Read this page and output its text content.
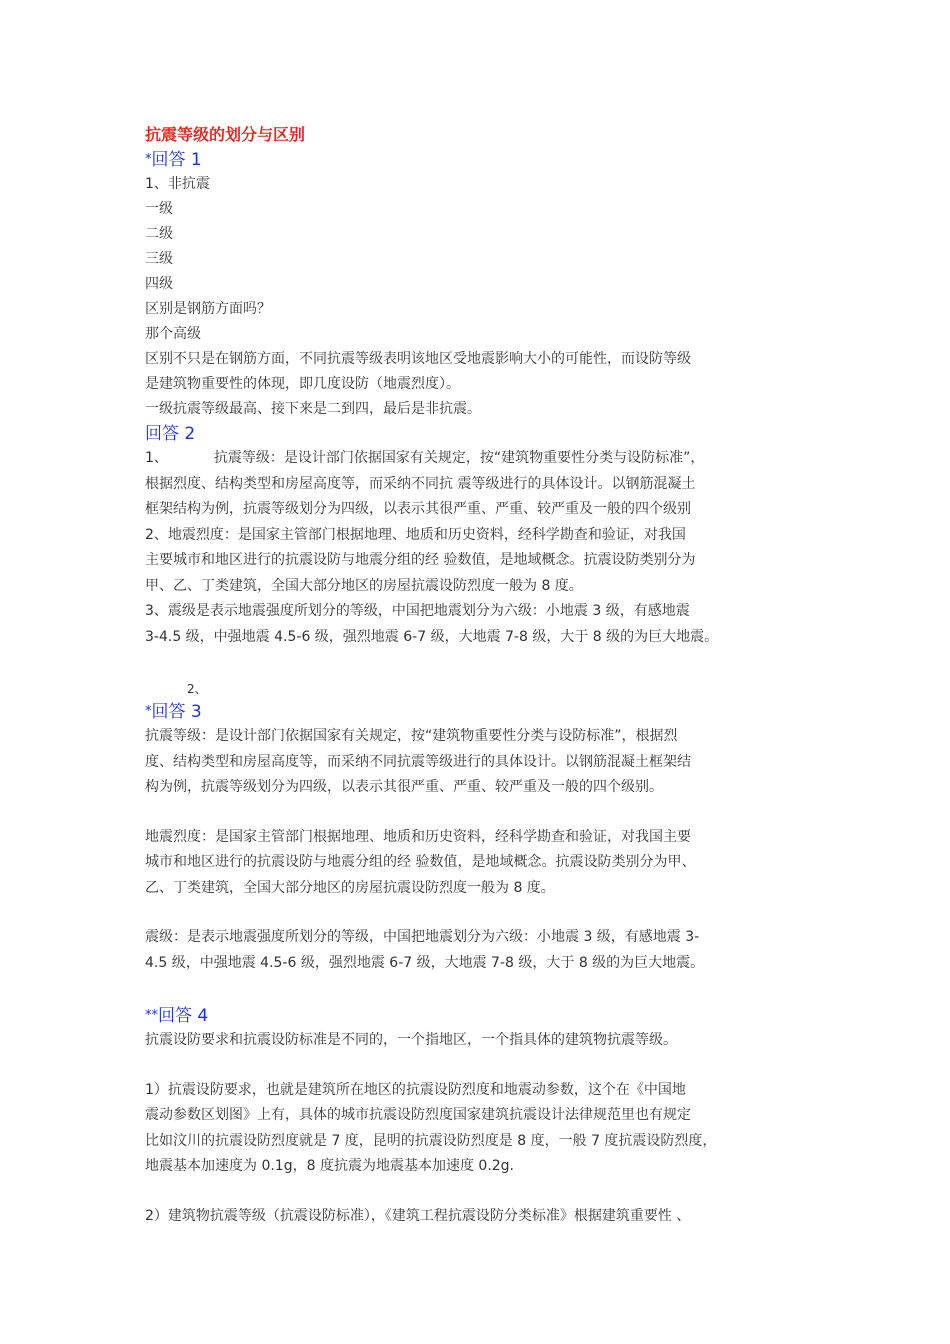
抗震等级的划分与区别
*回答 1
1、非抗震
一级
二级
三级
四级
区别是钢筋方面吗？
那个高级
区别不只是在钢筋方面，不同抗震等级表明该地区受地震影响大小的可能性，而设防等级
是建筑物重要性的体现，即几度设防（地震烈度）。
一级抗震等级最高、接下来是二到四，最后是非抗震。
回答 2
1、	抗震等级：是设计部门依据国家有关规定，按“建筑物重要性分类与设防标准”，
根据烈度、结构类型和房屋高度等，而采纳不同抗 震等级进行的具体设计。以钢筋混凝土
框架结构为例，抗震等级划分为四级，以表示其很严重、严重、较严重及一般的四个级别
2、地震烈度：是国家主管部门根据地理、地质和历史资料，经科学勘查和验证，对我国
主要城市和地区进行的抗震设防与地震分组的经 验数值，是地域概念。抗震设防类别分为
甲、乙、丁类建筑，全国大部分地区的房屋抗震设防烈度一般为 8 度。
3、震级是表示地震强度所划分的等级，中国把地震划分为六级：小地震 3 级，有感地震
3-4.5 级，中强地震 4.5-6 级，强烈地震 6-7 级，大地震 7-8 级，大于 8 级的为巨大地震。
2、
*回答 3
抗震等级：是设计部门依据国家有关规定，按“建筑物重要性分类与设防标准”，根据烈
度、结构类型和房屋高度等，而采纳不同抗震等级进行的具体设计。以钢筋混凝土框架结
构为例，抗震等级划分为四级，以表示其很严重、严重、较严重及一般的四个级别。
地震烈度：是国家主管部门根据地理、地质和历史资料，经科学勘查和验证，对我国主要
城市和地区进行的抗震设防与地震分组的经 验数值，是地域概念。抗震设防类别分为甲、
乙、丁类建筑，全国大部分地区的房屋抗震设防烈度一般为 8 度。
震级：是表示地震强度所划分的等级，中国把地震划分为六级：小地震 3 级，有感地震 3-
4.5 级，中强地震 4.5-6 级，强烈地震 6-7 级，大地震 7-8 级，大于 8 级的为巨大地震。
**回答 4
抗震设防要求和抗震设防标准是不同的，一个指地区，一个指具体的建筑物抗震等级。
1）抗震设防要求，也就是建筑所在地区的抗震设防烈度和地震动参数，这个在《中国地
震动参数区划图》上有，具体的城市抗震设防烈度国家建筑抗震设计法律规范里也有规定
比如汶川的抗震设防烈度就是 7 度，昆明的抗震设防烈度是 8 度，一般 7 度抗震设防烈度，
地震基本加速度为 0.1g，8 度抗震为地震基本加速度 0.2g.
2）建筑物抗震等级（抗震设防标准），《建筑工程抗震设防分类标准》根据建筑重要性 、
